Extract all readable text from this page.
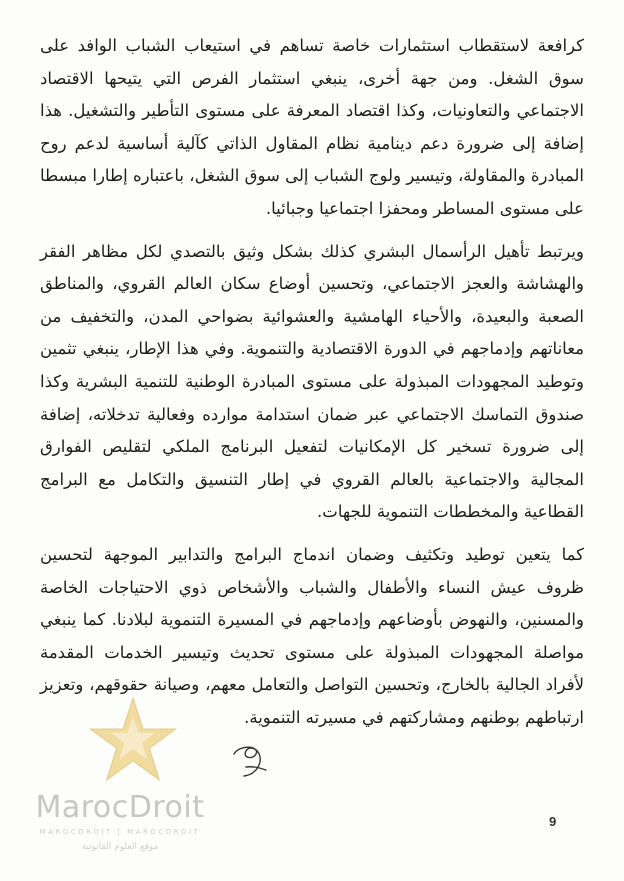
كرافعة لاستقطاب استثمارات خاصة تساهم في استيعاب الشباب الوافد على سوق الشغل. ومن جهة أخرى، ينبغي استثمار الفرص التي يتيحها الاقتصاد الاجتماعي والتعاونيات، وكذا اقتصاد المعرفة على مستوى التأطير والتشغيل. هذا إضافة إلى ضرورة دعم دينامية نظام المقاول الذاتي كآلية أساسية لدعم روح المبادرة والمقاولة، وتيسير ولوج الشباب إلى سوق الشغل، باعتباره إطارا مبسطا على مستوى المساطر ومحفزا اجتماعيا وجبائيا.

ويرتبط تأهيل الرأسمال البشري كذلك بشكل وثيق بالتصدي لكل مظاهر الفقر والهشاشة والعجز الاجتماعي، وتحسين أوضاع سكان العالم القروي، والمناطق الصعبة والبعيدة، والأحياء الهامشية والعشوائية بضواحي المدن، والتخفيف من معاناتهم وإدماجهم في الدورة الاقتصادية والتنموية. وفي هذا الإطار، ينبغي تثمين وتوطيد المجهودات المبذولة على مستوى المبادرة الوطنية للتنمية البشرية وكذا صندوق التماسك الاجتماعي عبر ضمان استدامة موارده وفعالية تدخلاته، إضافة إلى ضرورة تسخير كل الإمكانيات لتفعيل البرنامج الملكي لتقليص الفوارق المجالية والاجتماعية بالعالم القروي في إطار التنسيق والتكامل مع البرامج القطاعية والمخططات التنموية للجهات.

كما يتعين توطيد وتكثيف وضمان اندماج البرامج والتدابير الموجهة لتحسين ظروف عيش النساء والأطفال والشباب والأشخاص ذوي الاحتياجات الخاصة والمسنين، والنهوض بأوضاعهم وإدماجهم في المسيرة التنموية لبلادنا. كما ينبغي مواصلة المجهودات المبذولة على مستوى تحديث وتيسير الخدمات المقدمة لأفراد الجالية بالخارج، وتحسين التواصل والتعامل معهم، وصيانة حقوقهم، وتعزيز ارتباطهم بوطنهم ومشاركتهم في مسيرته التنموية.

MarocDroit
MAROCDROIT | MAROCDROIT
موقع العلوم القانونية
9
